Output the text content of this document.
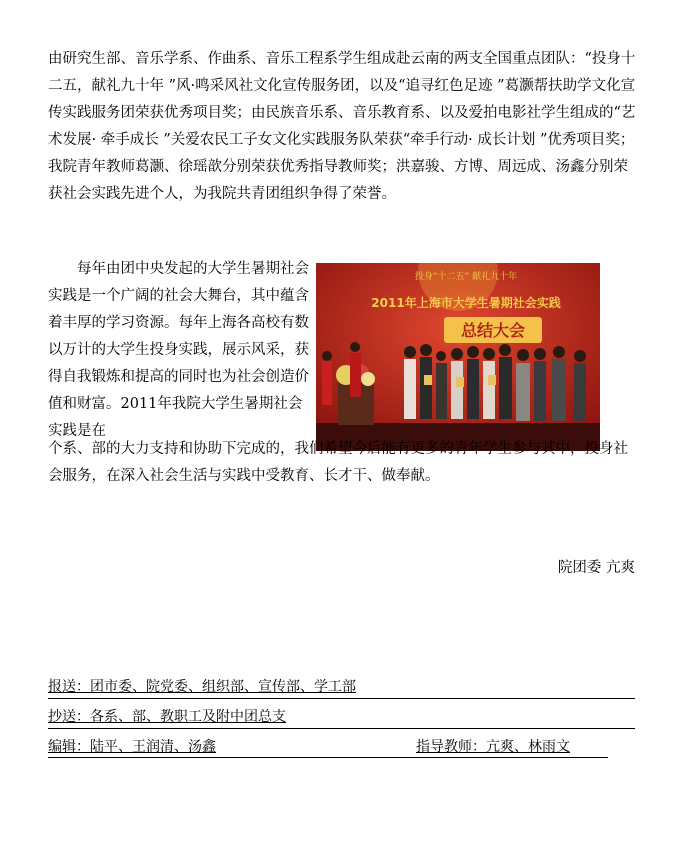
由研究生部、音乐学系、作曲系、音乐工程系学生组成赴云南的两支全国重点团队：“投身十二五，献礼九十年 ”风·鸣采风社文化宣传服务团，以及“追寻红色足迹 ”葛灏帮扶助学文化宣传实践服务团荣获优秀项目奖；由民族音乐系、音乐教育系、以及爱拍电影社学生组成的“艺术发展· 牵手成长 ”关爱农民工子女文化实践服务队荣获“牵手行动· 成长计划 ”优秀项目奖；我院青年教师葛灏、徐瑶歆分别荣获优秀指导教师奖；洪嘉骏、方博、周远成、汤鑫分别荣获社会实践先进个人，为我院共青团组织争得了荣誉。

每年由团中央发起的大学生暑期社会实践是一个广阔的社会大舞台，其中蕴含着丰厚的学习资源。每年上海各高校有数以万计的大学生投身实践，展示风采，获得自我锻炼和提高的同时也为社会创造价值和财富。2011年我院大学生暑期社会实践是在

投身“十二五” 献礼九十年
2011年上海市大学生暑期社会实践
总结大会

个系、部的大力支持和协助下完成的，我们希望今后能有更多的青年学生参与其中，投身社会服务，在深入社会生活与实践中受教育、长才干、做奉献。

院团委 亢爽
报送：团市委、院党委、组织部、宣传部、学工部
抄送：各系、部、教职工及附中团总支
编辑：陆平、王润清、汤鑫	指导教师：亢爽、林雨文
